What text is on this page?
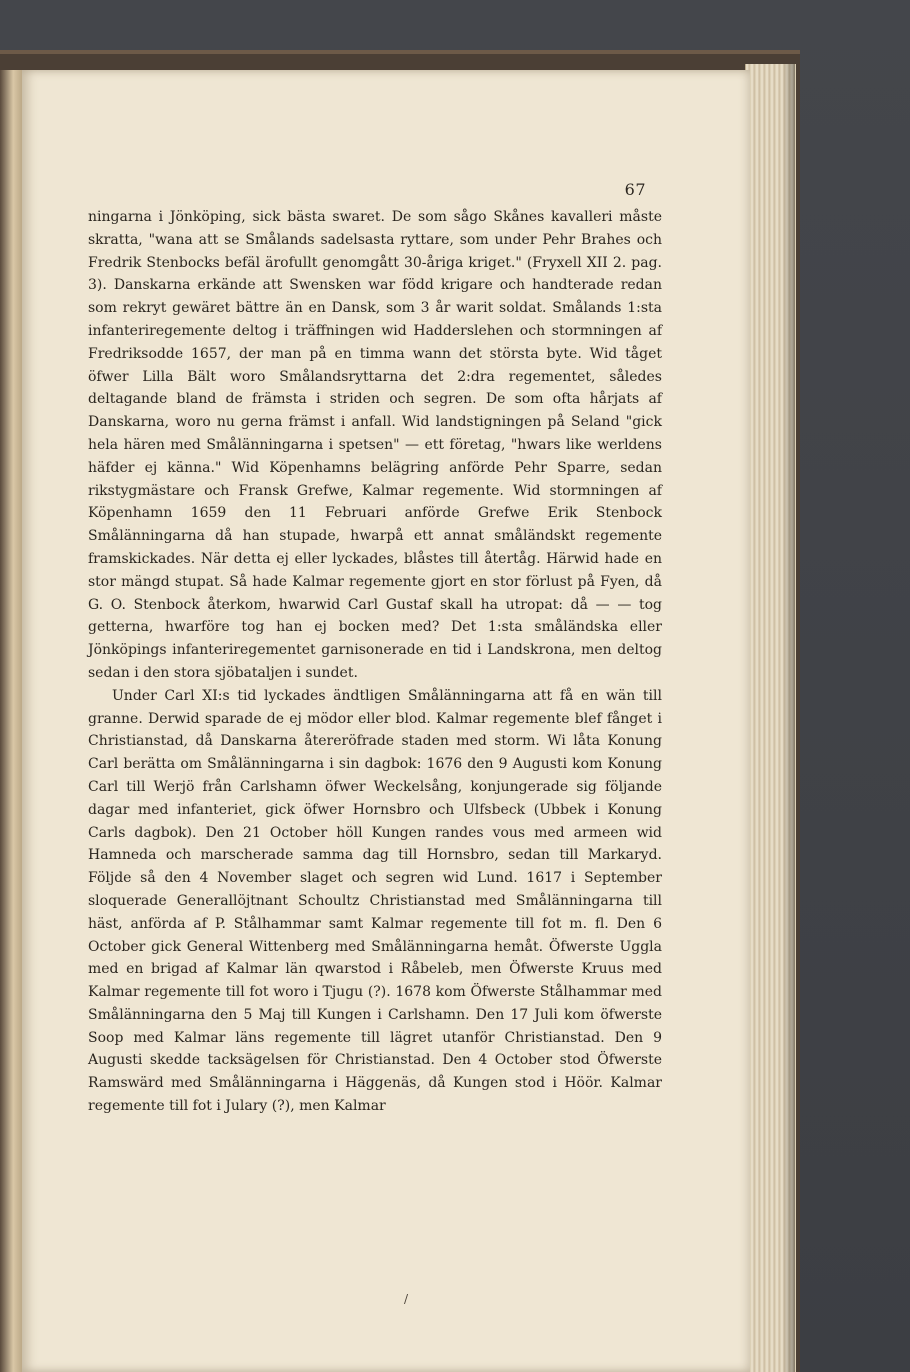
67

ningarna i Jönköping, sick bästa swaret. De som sågo Skånes kavalleri måste skratta, "wana att se Smålands sadelsasta ryttare, som under Pehr Brahes och Fredrik Stenbocks befäl ärofullt genomgått 30-åriga kriget." (Fryxell XII 2. pag. 3). Danskarna erkände att Swensken war född krigare och handterade redan som rekryt gewäret bättre än en Dansk, som 3 år warit soldat. Smålands 1:sta infanteriregemente deltog i träffningen wid Hadderslehen och stormningen af Fredriksodde 1657, der man på en timma wann det största byte. Wid tåget öfwer Lilla Bält woro Smålandsryttarna det 2:dra regementet, således deltagande bland de främsta i striden och segren. De som ofta hårjats af Danskarna, woro nu gerna främst i anfall. Wid landstigningen på Seland "gick hela hären med Smålänningarna i spetsen" — ett företag, "hwars like werldens häfder ej känna." Wid Köpenhamns belägring anförde Pehr Sparre, sedan rikstygmästare och Fransk Grefwe, Kalmar regemente. Wid stormningen af Köpenhamn 1659 den 11 Februari anförde Grefwe Erik Stenbock Smålänningarna då han stupade, hwarpå ett annat småländskt regemente framskickades. När detta ej eller lyckades, blåstes till återtåg. Härwid hade en stor mängd stupat. Så hade Kalmar regemente gjort en stor förlust på Fyen, då G. O. Stenbock återkom, hwarwid Carl Gustaf skall ha utropat: då — — tog getterna, hwarföre tog han ej bocken med? Det 1:sta småländska eller Jönköpings infanteriregementet garnisonerade en tid i Landskrona, men deltog sedan i den stora sjöbataljen i sundet.

Under Carl XI:s tid lyckades ändtligen Smålänningarna att få en wän till granne. Derwid sparade de ej mödor eller blod. Kalmar regemente blef fånget i Christianstad, då Danskarna återeröfrade staden med storm. Wi låta Konung Carl berätta om Smålänningarna i sin dagbok: 1676 den 9 Augusti kom Konung Carl till Werjö från Carlshamn öfwer Weckelsång, konjungerade sig följande dagar med infanteriet, gick öfwer Hornsbro och Ulfsbeck (Ubbek i Konung Carls dagbok). Den 21 October höll Kungen randes vous med armeen wid Hamneda och marscherade samma dag till Hornsbro, sedan till Markaryd. Följde så den 4 November slaget och segren wid Lund. 1617 i September sloquerade Generallöjtnant Schoultz Christianstad med Smålänningarna till häst, anförda af P. Stålhammar samt Kalmar regemente till fot m. fl. Den 6 October gick General Wittenberg med Smålänningarna hemåt. Öfwerste Uggla med en brigad af Kalmar län qwarstod i Råbeleb, men Öfwerste Kruus med Kalmar regemente till fot woro i Tjugu (?). 1678 kom Öfwerste Stålhammar med Smålänningarna den 5 Maj till Kungen i Carlshamn. Den 17 Juli kom öfwerste Soop med Kalmar läns regemente till lägret utanför Christianstad. Den 9 Augusti skedde tacksägelsen för Christianstad. Den 4 October stod Öfwerste Ramswärd med Smålänningarna i Häggenäs, då Kungen stod i Höör. Kalmar regemente till fot i Julary (?), men Kalmar

/
